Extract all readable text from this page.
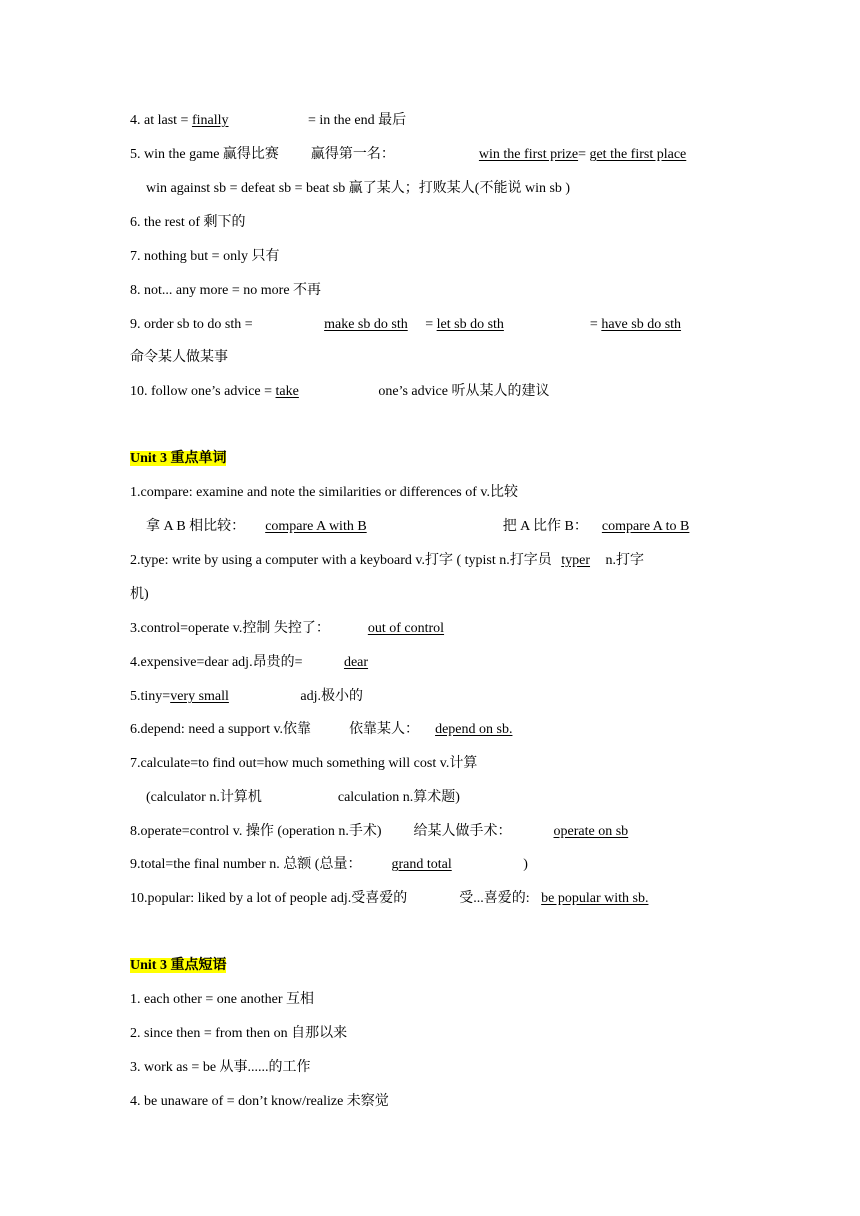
4. at last = finally	= in the end 最后
5. win the game 赢得比赛 赢得第一名：	win the first prize= get the first place
win against sb = defeat sb = beat sb 赢了某人；打败某人(不能说 win sb )
6. the rest of 剩下的
7. nothing but = only 只有
8. not... any more = no more 不再
9. order sb to do sth =	make sb do sth = let sb do sth	= have sb do sth
命令某人做某事
10. follow one’s advice = take	one’s advice 听从某人的建议
Unit 3 重点单词
1.compare: examine and note the similarities or differences of v.比较
拿 A B 相比较： compare A with B	把 A 比作 B： compare A to B
2.type: write by using a computer with a keyboard v.打字 ( typist n.打字员 typer n.打字
机)
3.control=operate v.控制 失控了：	out of control
4.expensive=dear adj.昂贵的=	dear
5.tiny=very small	adj.极小的
6.depend: need a support v.依靠	依靠某人： depend on sb.
7.calculate=to find out=how much something will cost v.计算
(calculator n.计算机	calculation n.算术题)
8.operate=control v. 操作 (operation n.手术) 给某人做手术：	operate on sb
9.total=the final number n. 总额 (总量： grand total	)
10.popular: liked by a lot of people adj.受喜爱的	受...喜爱的: be popular with sb.
Unit 3 重点短语
1. each other = one another 互相
2. since then = from then on 自那以来
3. work as = be 从事......的工作
4. be unaware of = don’t know/realize 未察觉
